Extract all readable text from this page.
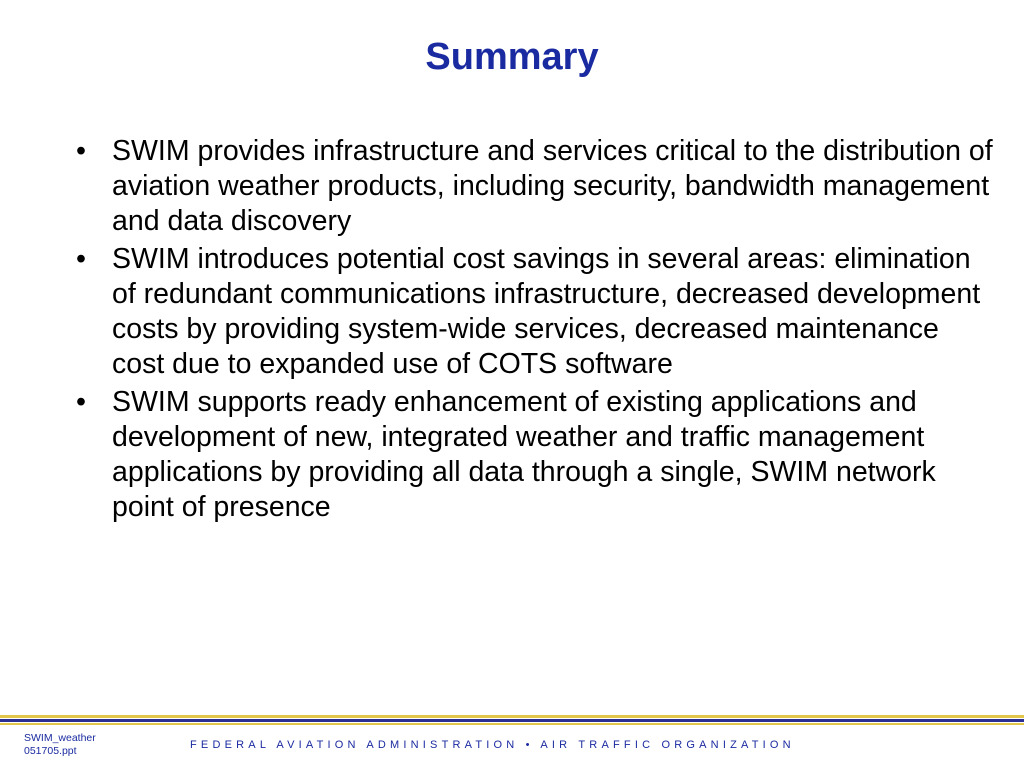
Summary
• SWIM provides infrastructure and services critical to the distribution of aviation weather products, including security, bandwidth management and data discovery
• SWIM introduces potential cost savings in several areas: elimination of redundant communications infrastructure, decreased development costs by providing system-wide services, decreased maintenance cost due to expanded use of COTS software
• SWIM supports ready enhancement of existing applications and development of new, integrated weather and traffic management applications by providing all data through a single, SWIM network point of presence
SWIM_weather
051705.ppt	FEDERAL AVIATION ADMINISTRATION • AIR TRAFFIC ORGANIZATION
